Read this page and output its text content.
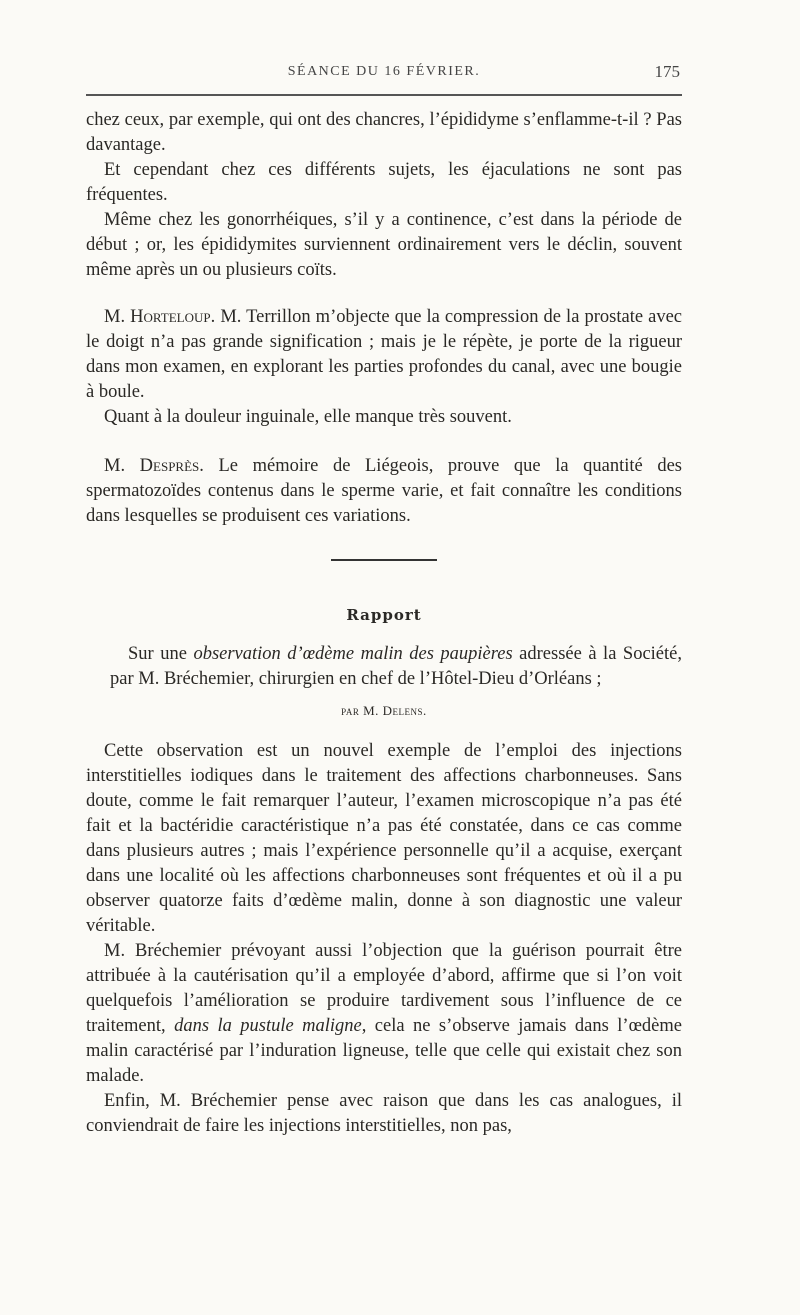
SÉANCE DU 16 FÉVRIER.	175

chez ceux, par exemple, qui ont des chancres, l’épididyme s’enflamme-t-il ? Pas davantage.

Et cependant chez ces différents sujets, les éjaculations ne sont pas fréquentes.

Même chez les gonorrhéiques, s’il y a continence, c’est dans la période de début ; or, les épididymites surviennent ordinairement vers le déclin, souvent même après un ou plusieurs coïts.

M. Horteloup. M. Terrillon m’objecte que la compression de la prostate avec le doigt n’a pas grande signification ; mais je le répète, je porte de la rigueur dans mon examen, en explorant les parties profondes du canal, avec une bougie à boule.

Quant à la douleur inguinale, elle manque très souvent.

M. Desprès. Le mémoire de Liégeois, prouve que la quantité des spermatozoïdes contenus dans le sperme varie, et fait connaître les conditions dans lesquelles se produisent ces variations.

Rapport

Sur une observation d’œdème malin des paupières adressée à la Société, par M. Bréchemier, chirurgien en chef de l’Hôtel-Dieu d’Orléans ;

par M. Delens.

Cette observation est un nouvel exemple de l’emploi des injections interstitielles iodiques dans le traitement des affections charbonneuses. Sans doute, comme le fait remarquer l’auteur, l’examen microscopique n’a pas été fait et la bactéridie caractéristique n’a pas été constatée, dans ce cas comme dans plusieurs autres ; mais l’expérience personnelle qu’il a acquise, exerçant dans une localité où les affections charbonneuses sont fréquentes et où il a pu observer quatorze faits d’œdème malin, donne à son diagnostic une valeur véritable.

M. Bréchemier prévoyant aussi l’objection que la guérison pourrait être attribuée à la cautérisation qu’il a employée d’abord, affirme que si l’on voit quelquefois l’amélioration se produire tardivement sous l’influence de ce traitement, dans la pustule maligne, cela ne s’observe jamais dans l’œdème malin caractérisé par l’induration ligneuse, telle que celle qui existait chez son malade.

Enfin, M. Bréchemier pense avec raison que dans les cas analogues, il conviendrait de faire les injections interstitielles, non pas,
